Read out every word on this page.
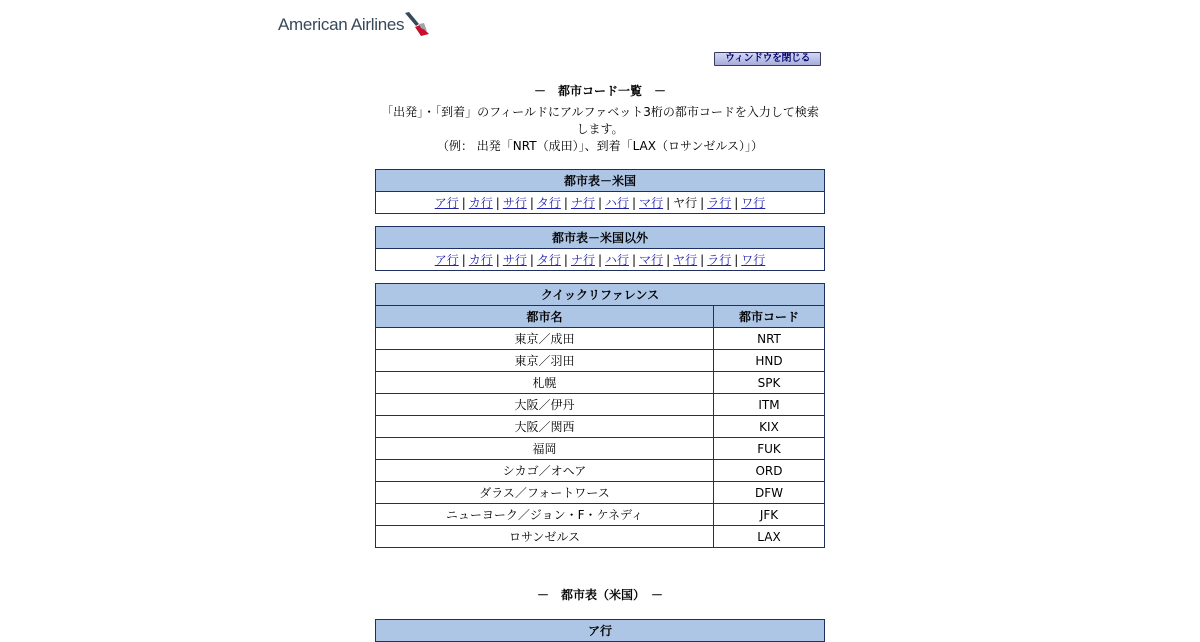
American Airlines
ウィンドウを閉じる
－　都市コード一覧　－
「出発」・「到着」のフィールドにアルファベット3桁の都市コードを入力して検索します。
（例： 出発「NRT（成田）」、到着「LAX（ロサンゼルス）」）
都市表－米国
ア行 | カ行 | サ行 | タ行 | ナ行 | ハ行 | マ行 | ヤ行 | ラ行 | ワ行
都市表－米国以外
ア行 | カ行 | サ行 | タ行 | ナ行 | ハ行 | マ行 | ヤ行 | ラ行 | ワ行
クイックリファレンス	
都市名	都市コード
東京／成田	NRT
東京／羽田	HND
札幌	SPK
大阪／伊丹	ITM
大阪／関西	KIX
福岡	FUK
シカゴ／オヘア	ORD
ダラス／フォートワース	DFW
ニューヨーク／ジョン・F・ケネディ	JFK
ロサンゼルス	LAX
－　都市表（米国）　－
ア行
